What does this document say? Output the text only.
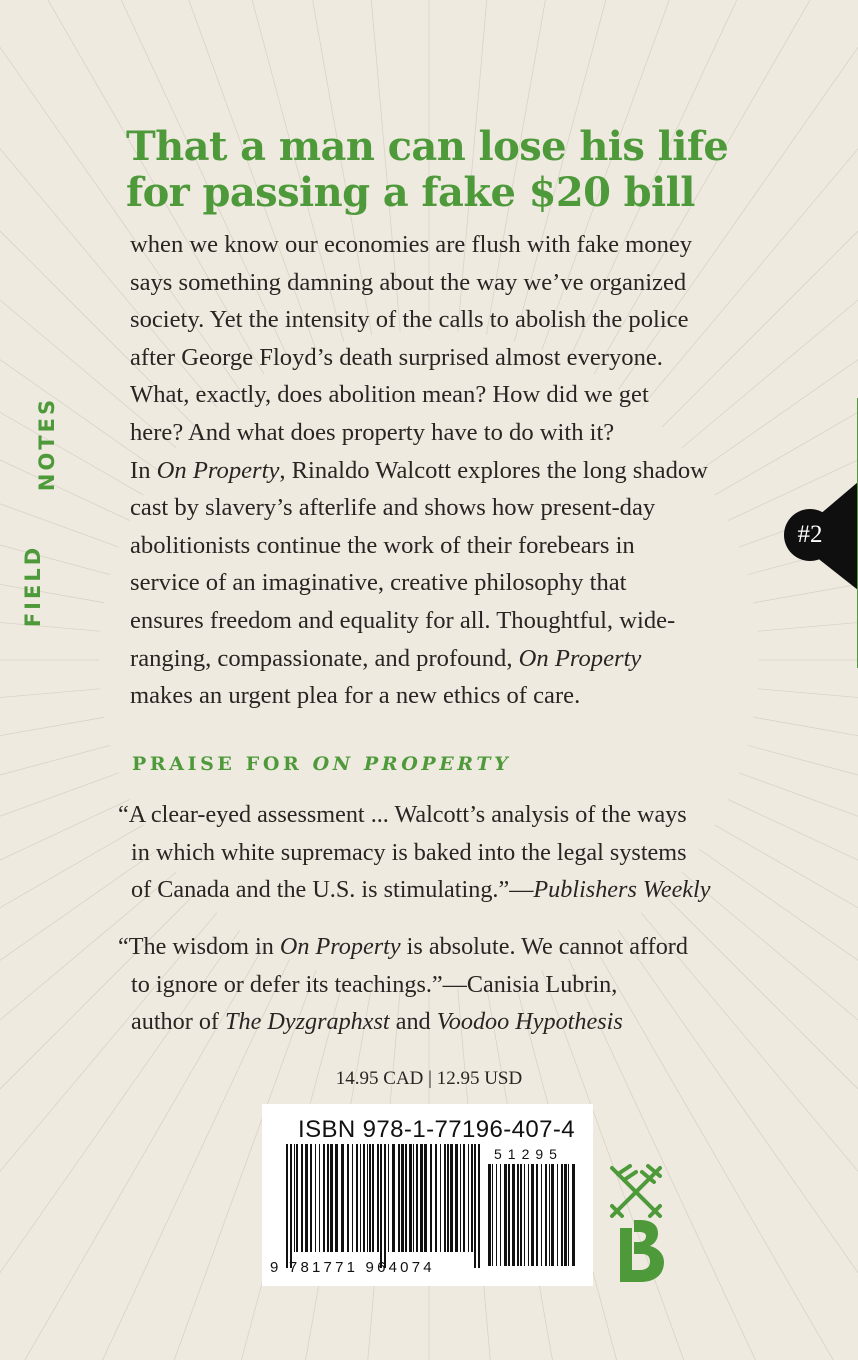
That a man can lose his life
for passing a fake $20 bill
when we know our economies are flush with fake money
says something damning about the way we’ve organized
society. Yet the intensity of the calls to abolish the police
after George Floyd’s death surprised almost everyone.
What, exactly, does abolition mean? How did we get
here? And what does property have to do with it?
In On Property, Rinaldo Walcott explores the long shadow
cast by slavery’s afterlife and shows how present-day
abolitionists continue the work of their forebears in
service of an imaginative, creative philosophy that
ensures freedom and equality for all. Thoughtful, wide-
ranging, compassionate, and profound, On Property
makes an urgent plea for a new ethics of care.
PRAISE FOR ON PROPERTY
“A clear-eyed assessment ... Walcott’s analysis of the ways
in which white supremacy is baked into the legal systems
of Canada and the U.S. is stimulating.”—Publishers Weekly
“The wisdom in On Property is absolute. We cannot afford
to ignore or defer its teachings.”—Canisia Lubrin,
author of The Dyzgraphxst and Voodoo Hypothesis
14.95 CAD | 12.95 USD
9 781771 964074
51295
ISBN 978-1-77196-407-4
FIELD
NOTES
#2
